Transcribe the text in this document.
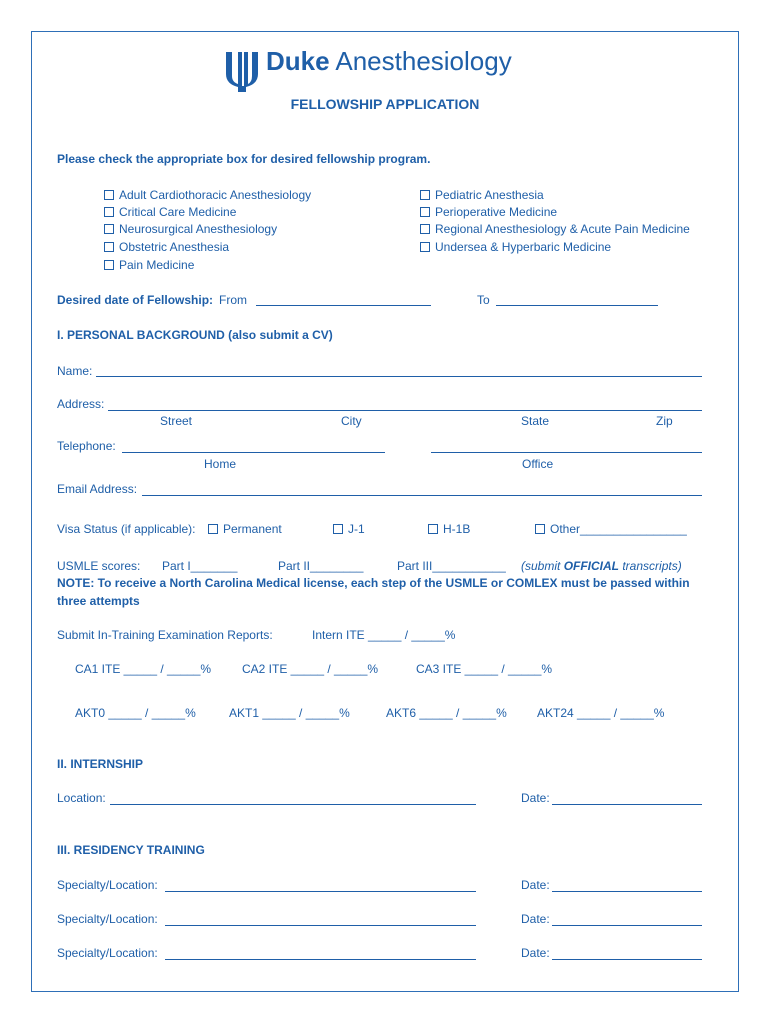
Duke Anesthesiology
FELLOWSHIP APPLICATION
Please check the appropriate box for desired fellowship program.
Adult Cardiothoracic Anesthesiology
Critical Care Medicine
Neurosurgical Anesthesiology
Obstetric Anesthesia
Pain Medicine
Pediatric Anesthesia
Perioperative Medicine
Regional Anesthesiology & Acute Pain Medicine
Undersea & Hyperbaric Medicine
Desired date of Fellowship: From	To
I. PERSONAL BACKGROUND (also submit a CV)
Name:
Address:
Street	City	State	Zip
Telephone:
Home	Office
Email Address:
Visa Status (if applicable):	Permanent	J-1	H-1B	Other________________
USMLE scores: Part I_______	Part II________	Part III___________ (submit OFFICIAL transcripts)
NOTE: To receive a North Carolina Medical license, each step of the USMLE or COMLEX must be passed within
three attempts
Submit In-Training Examination Reports:	Intern ITE _____ / _____%
CA1 ITE _____ / _____%	CA2 ITE _____ / _____%	CA3 ITE _____ / _____%
AKT0 _____ / _____%	AKT1 _____ / _____%	AKT6 _____ / _____%	AKT24 _____ / _____%
II. INTERNSHIP
Location:	Date:
III. RESIDENCY TRAINING
Specialty/Location:	Date:
Specialty/Location:	Date:
Specialty/Location:	Date:
